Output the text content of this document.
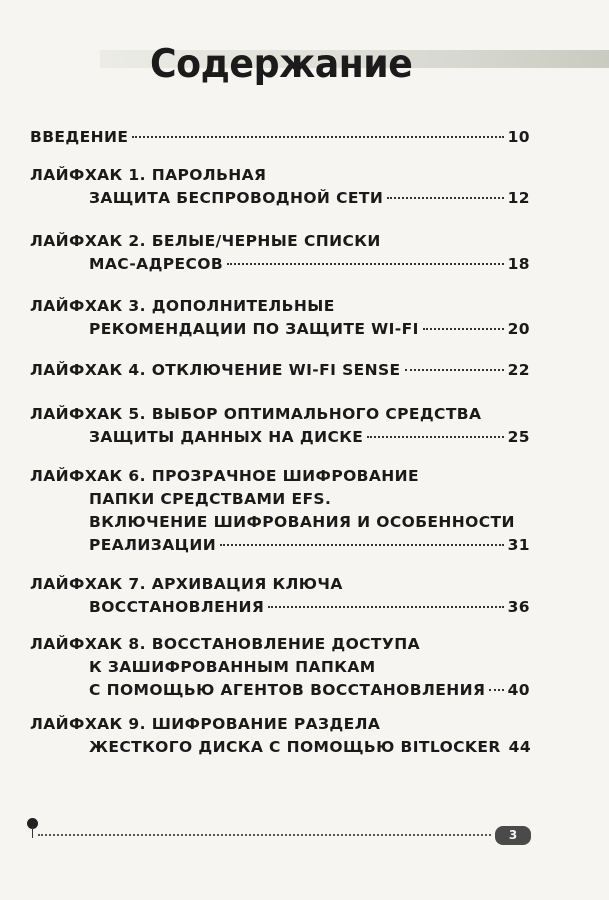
Содержание
ВВЕДЕНИЕ	10
ЛАЙФХАК 1. ПАРОЛЬНАЯ
ЗАЩИТА БЕСПРОВОДНОЙ СЕТИ	12
ЛАЙФХАК 2. БЕЛЫЕ/ЧЕРНЫЕ СПИСКИ
MAC-АДРЕСОВ	18
ЛАЙФХАК 3. ДОПОЛНИТЕЛЬНЫЕ
РЕКОМЕНДАЦИИ ПО ЗАЩИТЕ WI-FI	20
ЛАЙФХАК 4. ОТКЛЮЧЕНИЕ WI-FI SENSE	22
ЛАЙФХАК 5. ВЫБОР ОПТИМАЛЬНОГО СРЕДСТВА
ЗАЩИТЫ ДАННЫХ НА ДИСКЕ	25
ЛАЙФХАК 6. ПРОЗРАЧНОЕ ШИФРОВАНИЕ
ПАПКИ СРЕДСТВАМИ EFS.
ВКЛЮЧЕНИЕ ШИФРОВАНИЯ И ОСОБЕННОСТИ
РЕАЛИЗАЦИИ	31
ЛАЙФХАК 7. АРХИВАЦИЯ КЛЮЧА
ВОССТАНОВЛЕНИЯ	36
ЛАЙФХАК 8. ВОССТАНОВЛЕНИЕ ДОСТУПА
К ЗАШИФРОВАННЫМ ПАПКАМ
С ПОМОЩЬЮ АГЕНТОВ ВОССТАНОВЛЕНИЯ 40
ЛАЙФХАК 9. ШИФРОВАНИЕ РАЗДЕЛА
ЖЕСТКОГО ДИСКА С ПОМОЩЬЮ BITLOCKER 44
3
